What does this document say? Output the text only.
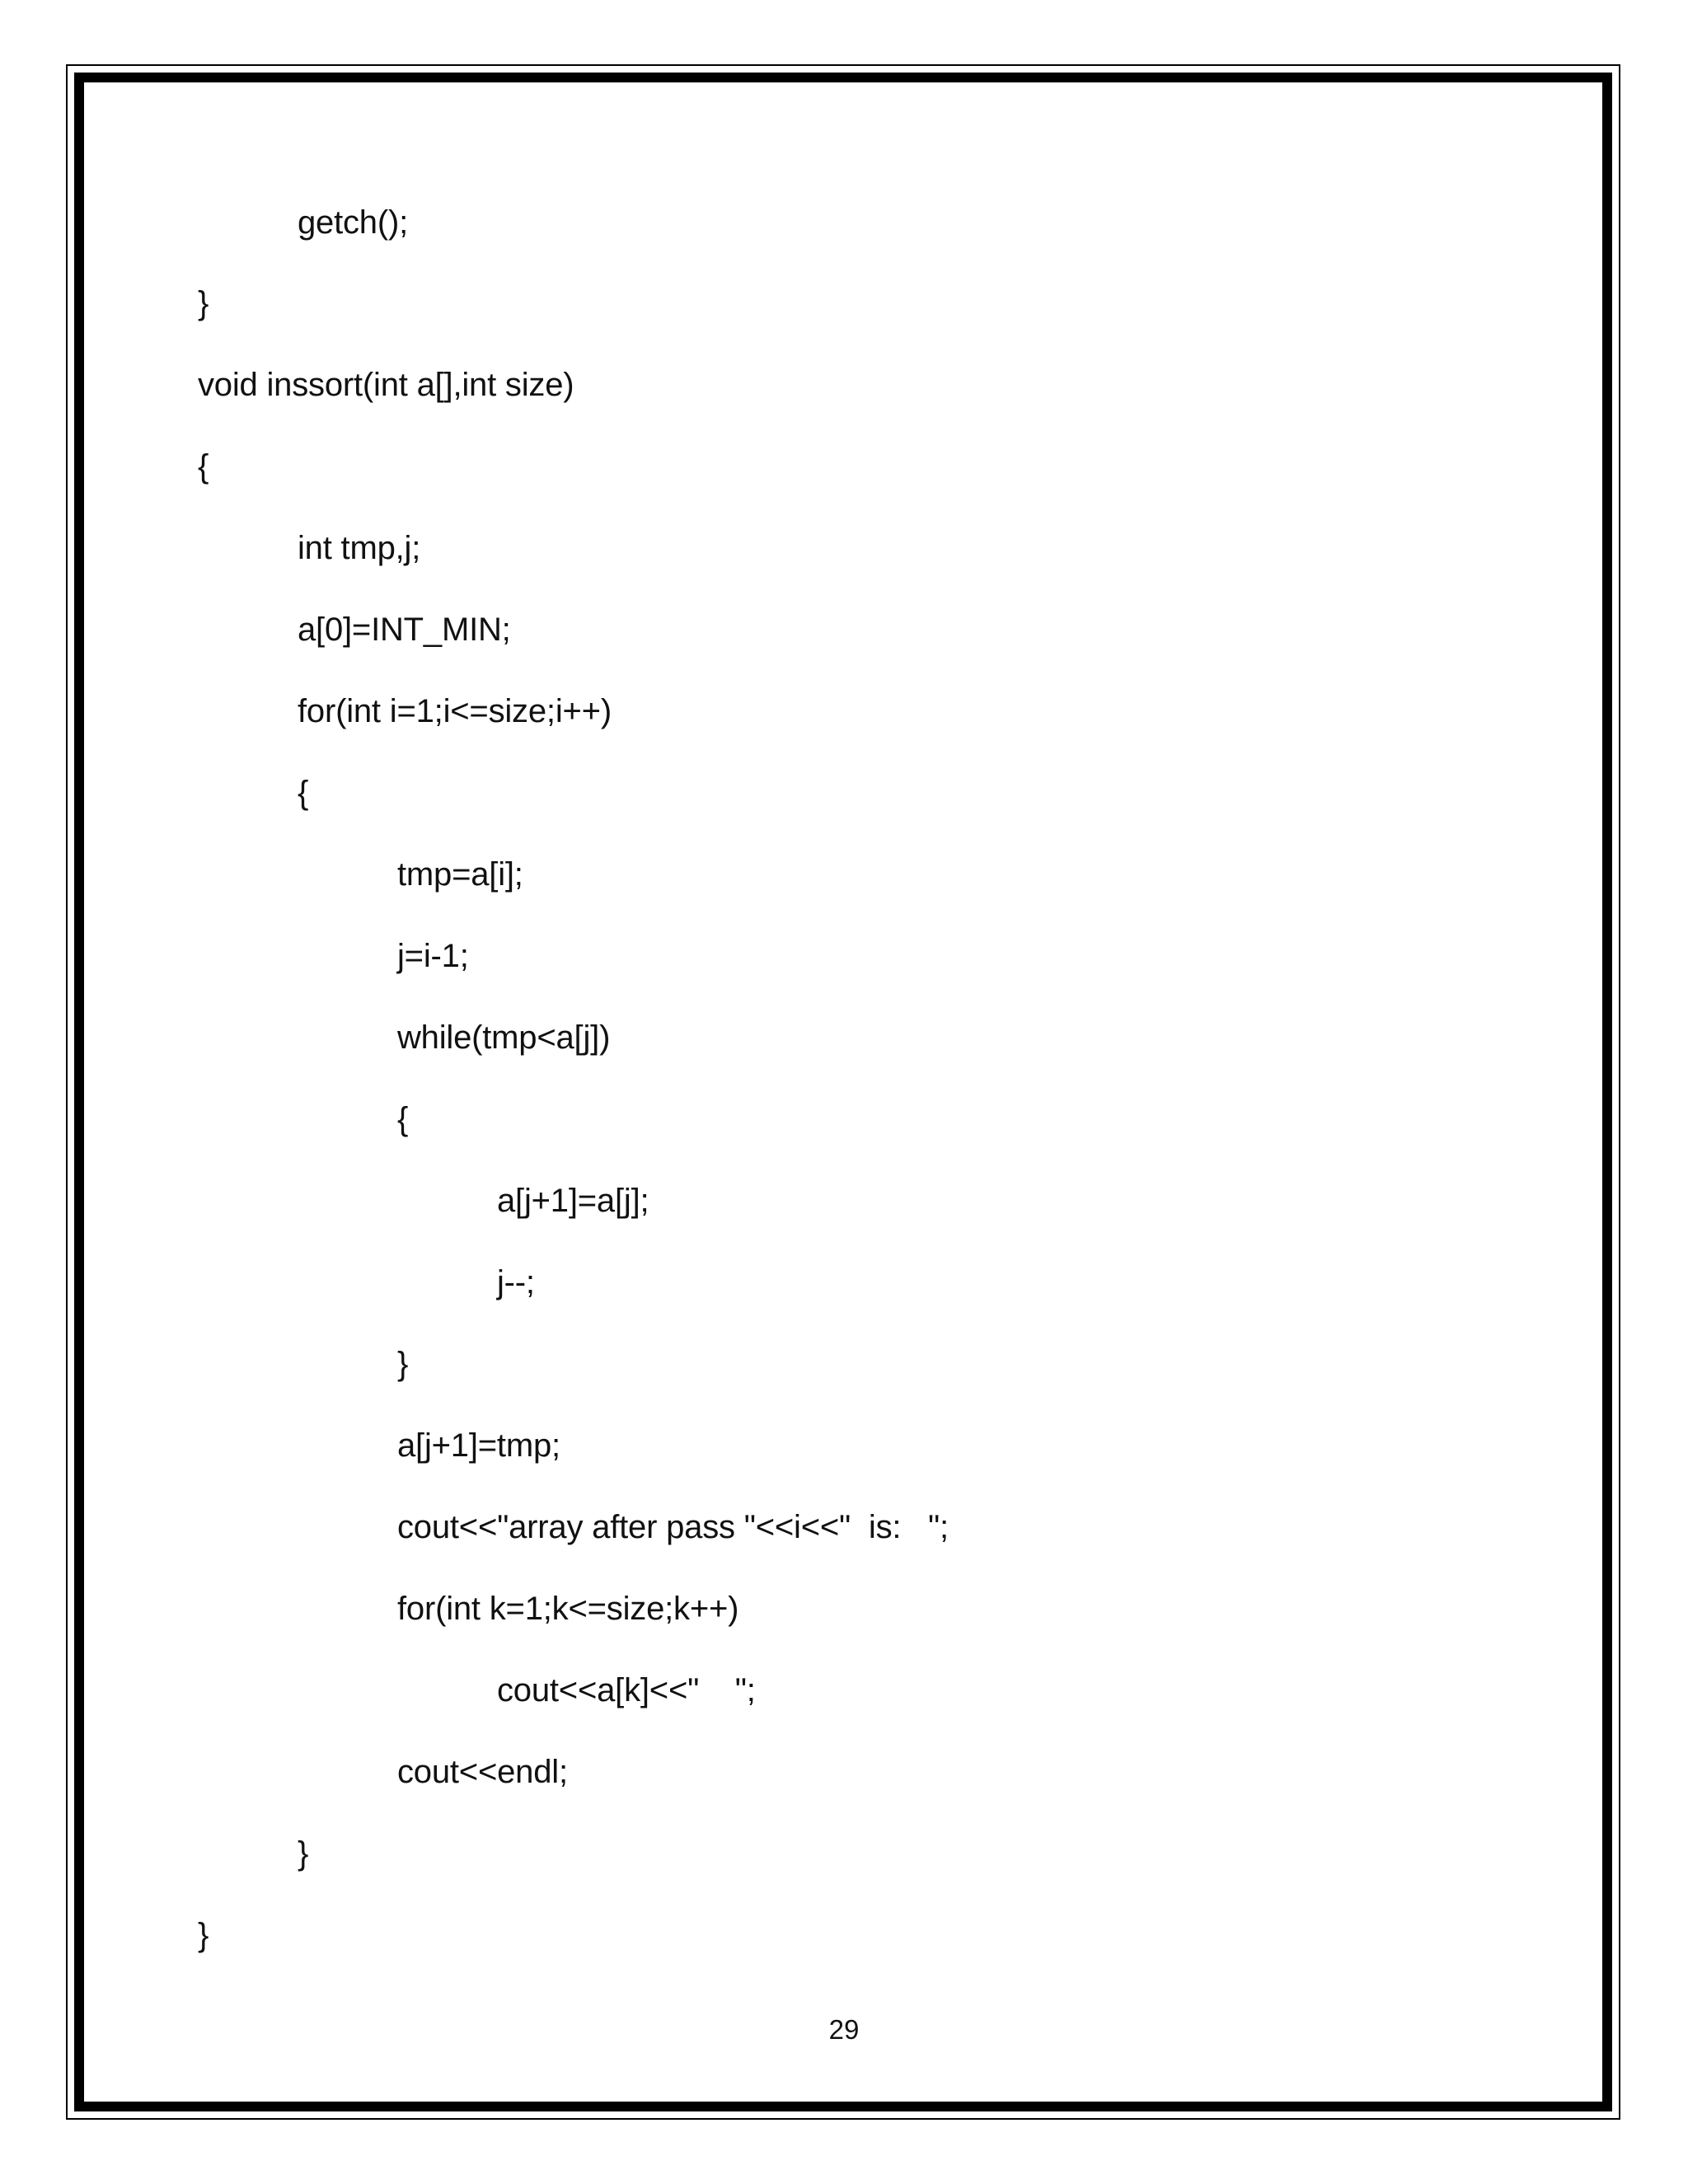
getch();
}
void inssort(int a[],int size)
{
int tmp,j;
a[0]=INT_MIN;
for(int i=1;i<=size;i++)
{
tmp=a[i];
j=i-1;
while(tmp<a[j])
{
a[j+1]=a[j];
j--;
}
a[j+1]=tmp;
cout<<"array after pass "<<i<<"  is:   ";
for(int k=1;k<=size;k++)
cout<<a[k]<<"    ";
cout<<endl;
}
}
29
